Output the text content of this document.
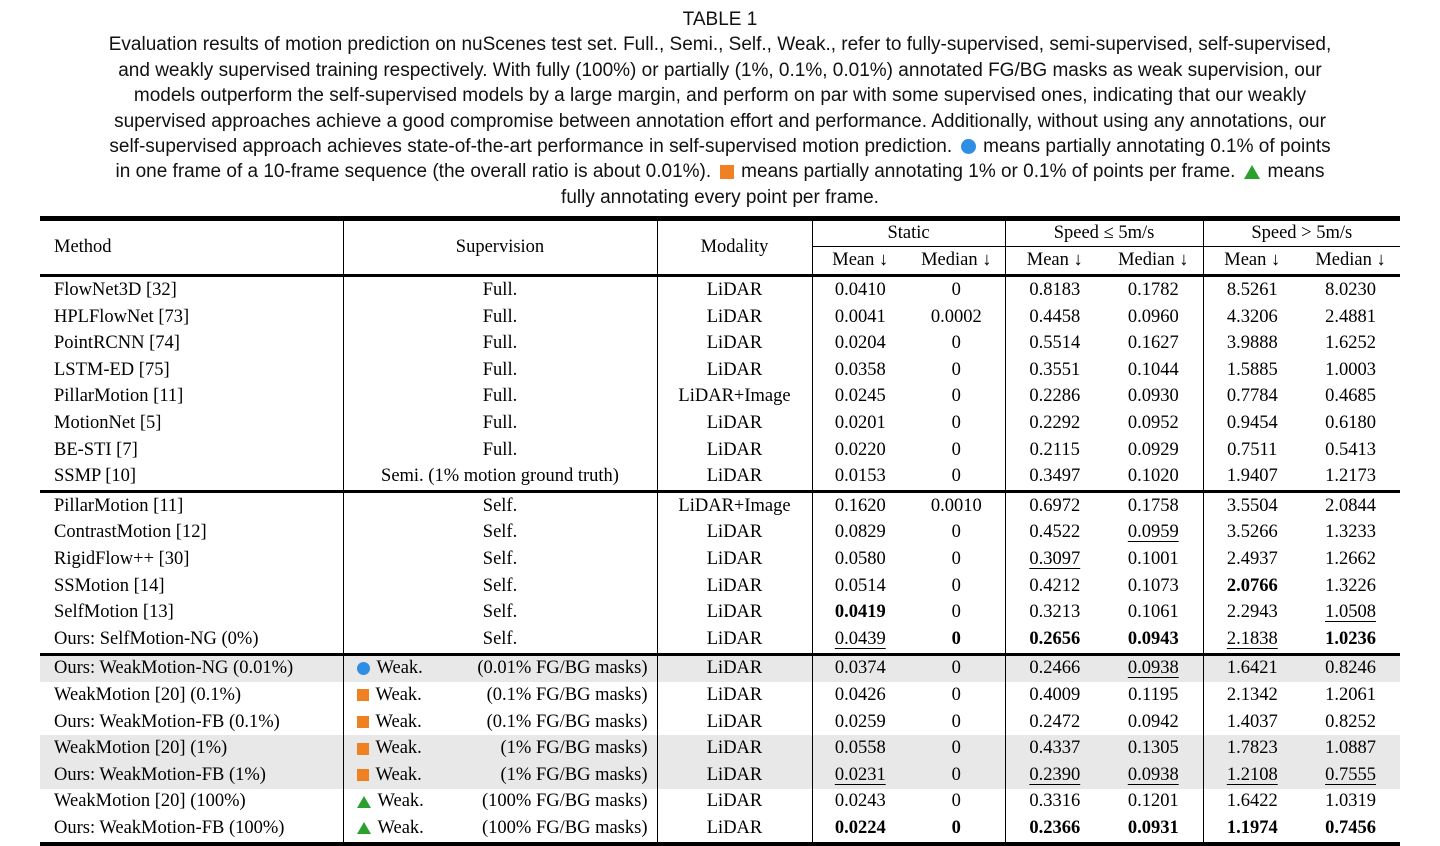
TABLE 1
Evaluation results of motion prediction on nuScenes test set. Full., Semi., Self., Weak., refer to fully-supervised, semi-supervised, self-supervised,
and weakly supervised training respectively. With fully (100%) or partially (1%, 0.1%, 0.01%) annotated FG/BG masks as weak supervision, our
models outperform the self-supervised models by a large margin, and perform on par with some supervised ones, indicating that our weakly
supervised approaches achieve a good compromise between annotation effort and performance. Additionally, without using any annotations, our
self-supervised approach achieves state-of-the-art performance in self-supervised motion prediction. means partially annotating 0.1% of points
in one frame of a 10-frame sequence (the overall ratio is about 0.01%). means partially annotating 1% or 0.1% of points per frame. means
fully annotating every point per frame.
Method	Supervision	Modality	Static		Speed ≤ 5m/s		Speed > 5m/s	
			Mean ↓	Median ↓	Mean ↓	Median ↓	Mean ↓	Median ↓
FlowNet3D [32]	Full.	LiDAR	0.0410	0	0.8183	0.1782	8.5261	8.0230
HPLFlowNet [73]	Full.	LiDAR	0.0041	0.0002	0.4458	0.0960	4.3206	2.4881
PointRCNN [74]	Full.	LiDAR	0.0204	0	0.5514	0.1627	3.9888	1.6252
LSTM-ED [75]	Full.	LiDAR	0.0358	0	0.3551	0.1044	1.5885	1.0003
PillarMotion [11]	Full.	LiDAR+Image	0.0245	0	0.2286	0.0930	0.7784	0.4685
MotionNet [5]	Full.	LiDAR	0.0201	0	0.2292	0.0952	0.9454	0.6180
BE-STI [7]	Full.	LiDAR	0.0220	0	0.2115	0.0929	0.7511	0.5413
SSMP [10]	Semi. (1% motion ground truth)	LiDAR	0.0153	0	0.3497	0.1020	1.9407	1.2173
PillarMotion [11]	Self.	LiDAR+Image	0.1620	0.0010	0.6972	0.1758	3.5504	2.0844
ContrastMotion [12]	Self.	LiDAR	0.0829	0	0.4522	0.0959	3.5266	1.3233
RigidFlow++ [30]	Self.	LiDAR	0.0580	0	0.3097	0.1001	2.4937	1.2662
SSMotion [14]	Self.	LiDAR	0.0514	0	0.4212	0.1073	2.0766	1.3226
SelfMotion [13]	Self.	LiDAR	0.0419	0	0.3213	0.1061	2.2943	1.0508
Ours: SelfMotion-NG (0%)	Self.	LiDAR	0.0439	0	0.2656	0.0943	2.1838	1.0236
Ours: WeakMotion-NG (0.01%)	Weak. (0.01% FG/BG masks)	LiDAR	0.0374	0	0.2466	0.0938	1.6421	0.8246
WeakMotion [20] (0.1%)	Weak. (0.1% FG/BG masks)	LiDAR	0.0426	0	0.4009	0.1195	2.1342	1.2061
Ours: WeakMotion-FB (0.1%)	Weak. (0.1% FG/BG masks)	LiDAR	0.0259	0	0.2472	0.0942	1.4037	0.8252
WeakMotion [20] (1%)	Weak. (1% FG/BG masks)	LiDAR	0.0558	0	0.4337	0.1305	1.7823	1.0887
Ours: WeakMotion-FB (1%)	Weak. (1% FG/BG masks)	LiDAR	0.0231	0	0.2390	0.0938	1.2108	0.7555
WeakMotion [20] (100%)	Weak. (100% FG/BG masks)	LiDAR	0.0243	0	0.3316	0.1201	1.6422	1.0319
Ours: WeakMotion-FB (100%)	Weak. (100% FG/BG masks)	LiDAR	0.0224	0	0.2366	0.0931	1.1974	0.7456
